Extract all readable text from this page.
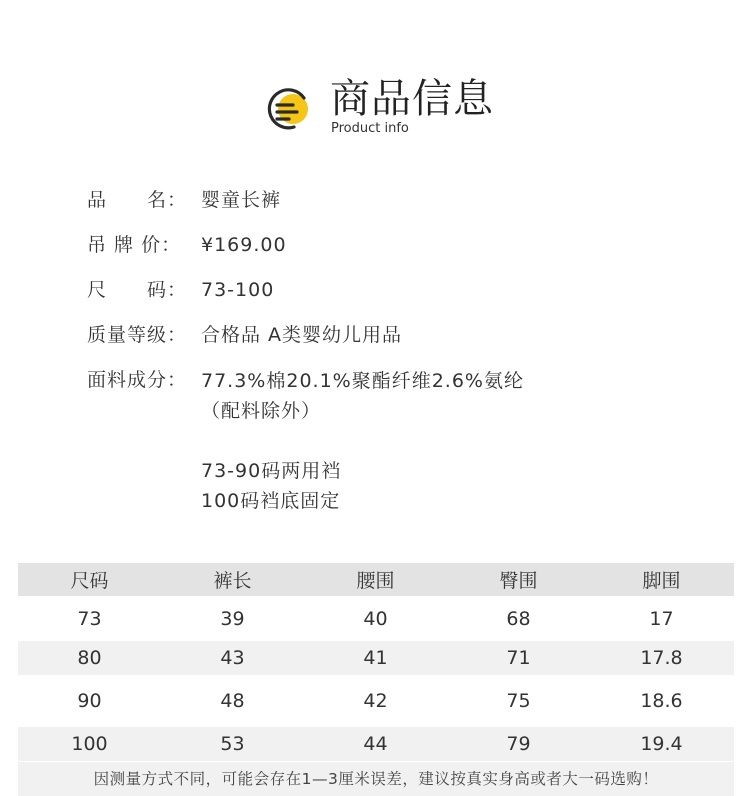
商品信息
Product info
品　　名： 婴童长裤
吊 牌 价：	¥169.00
尺　　码： 73-100
质量等级： 合格品 A类婴幼儿用品
面料成分： 77.3%棉20.1%聚酯纤维2.6%氨纶
（配料除外）
73-90码两用裆
100码裆底固定
尺码	裤长	腰围	臀围	脚围
73	39	40	68	17
80	43	41	71	17.8
90	48	42	75	18.6
100	53	44	79	19.4
因测量方式不同，可能会存在1—3厘米误差，建议按真实身高或者大一码选购！
